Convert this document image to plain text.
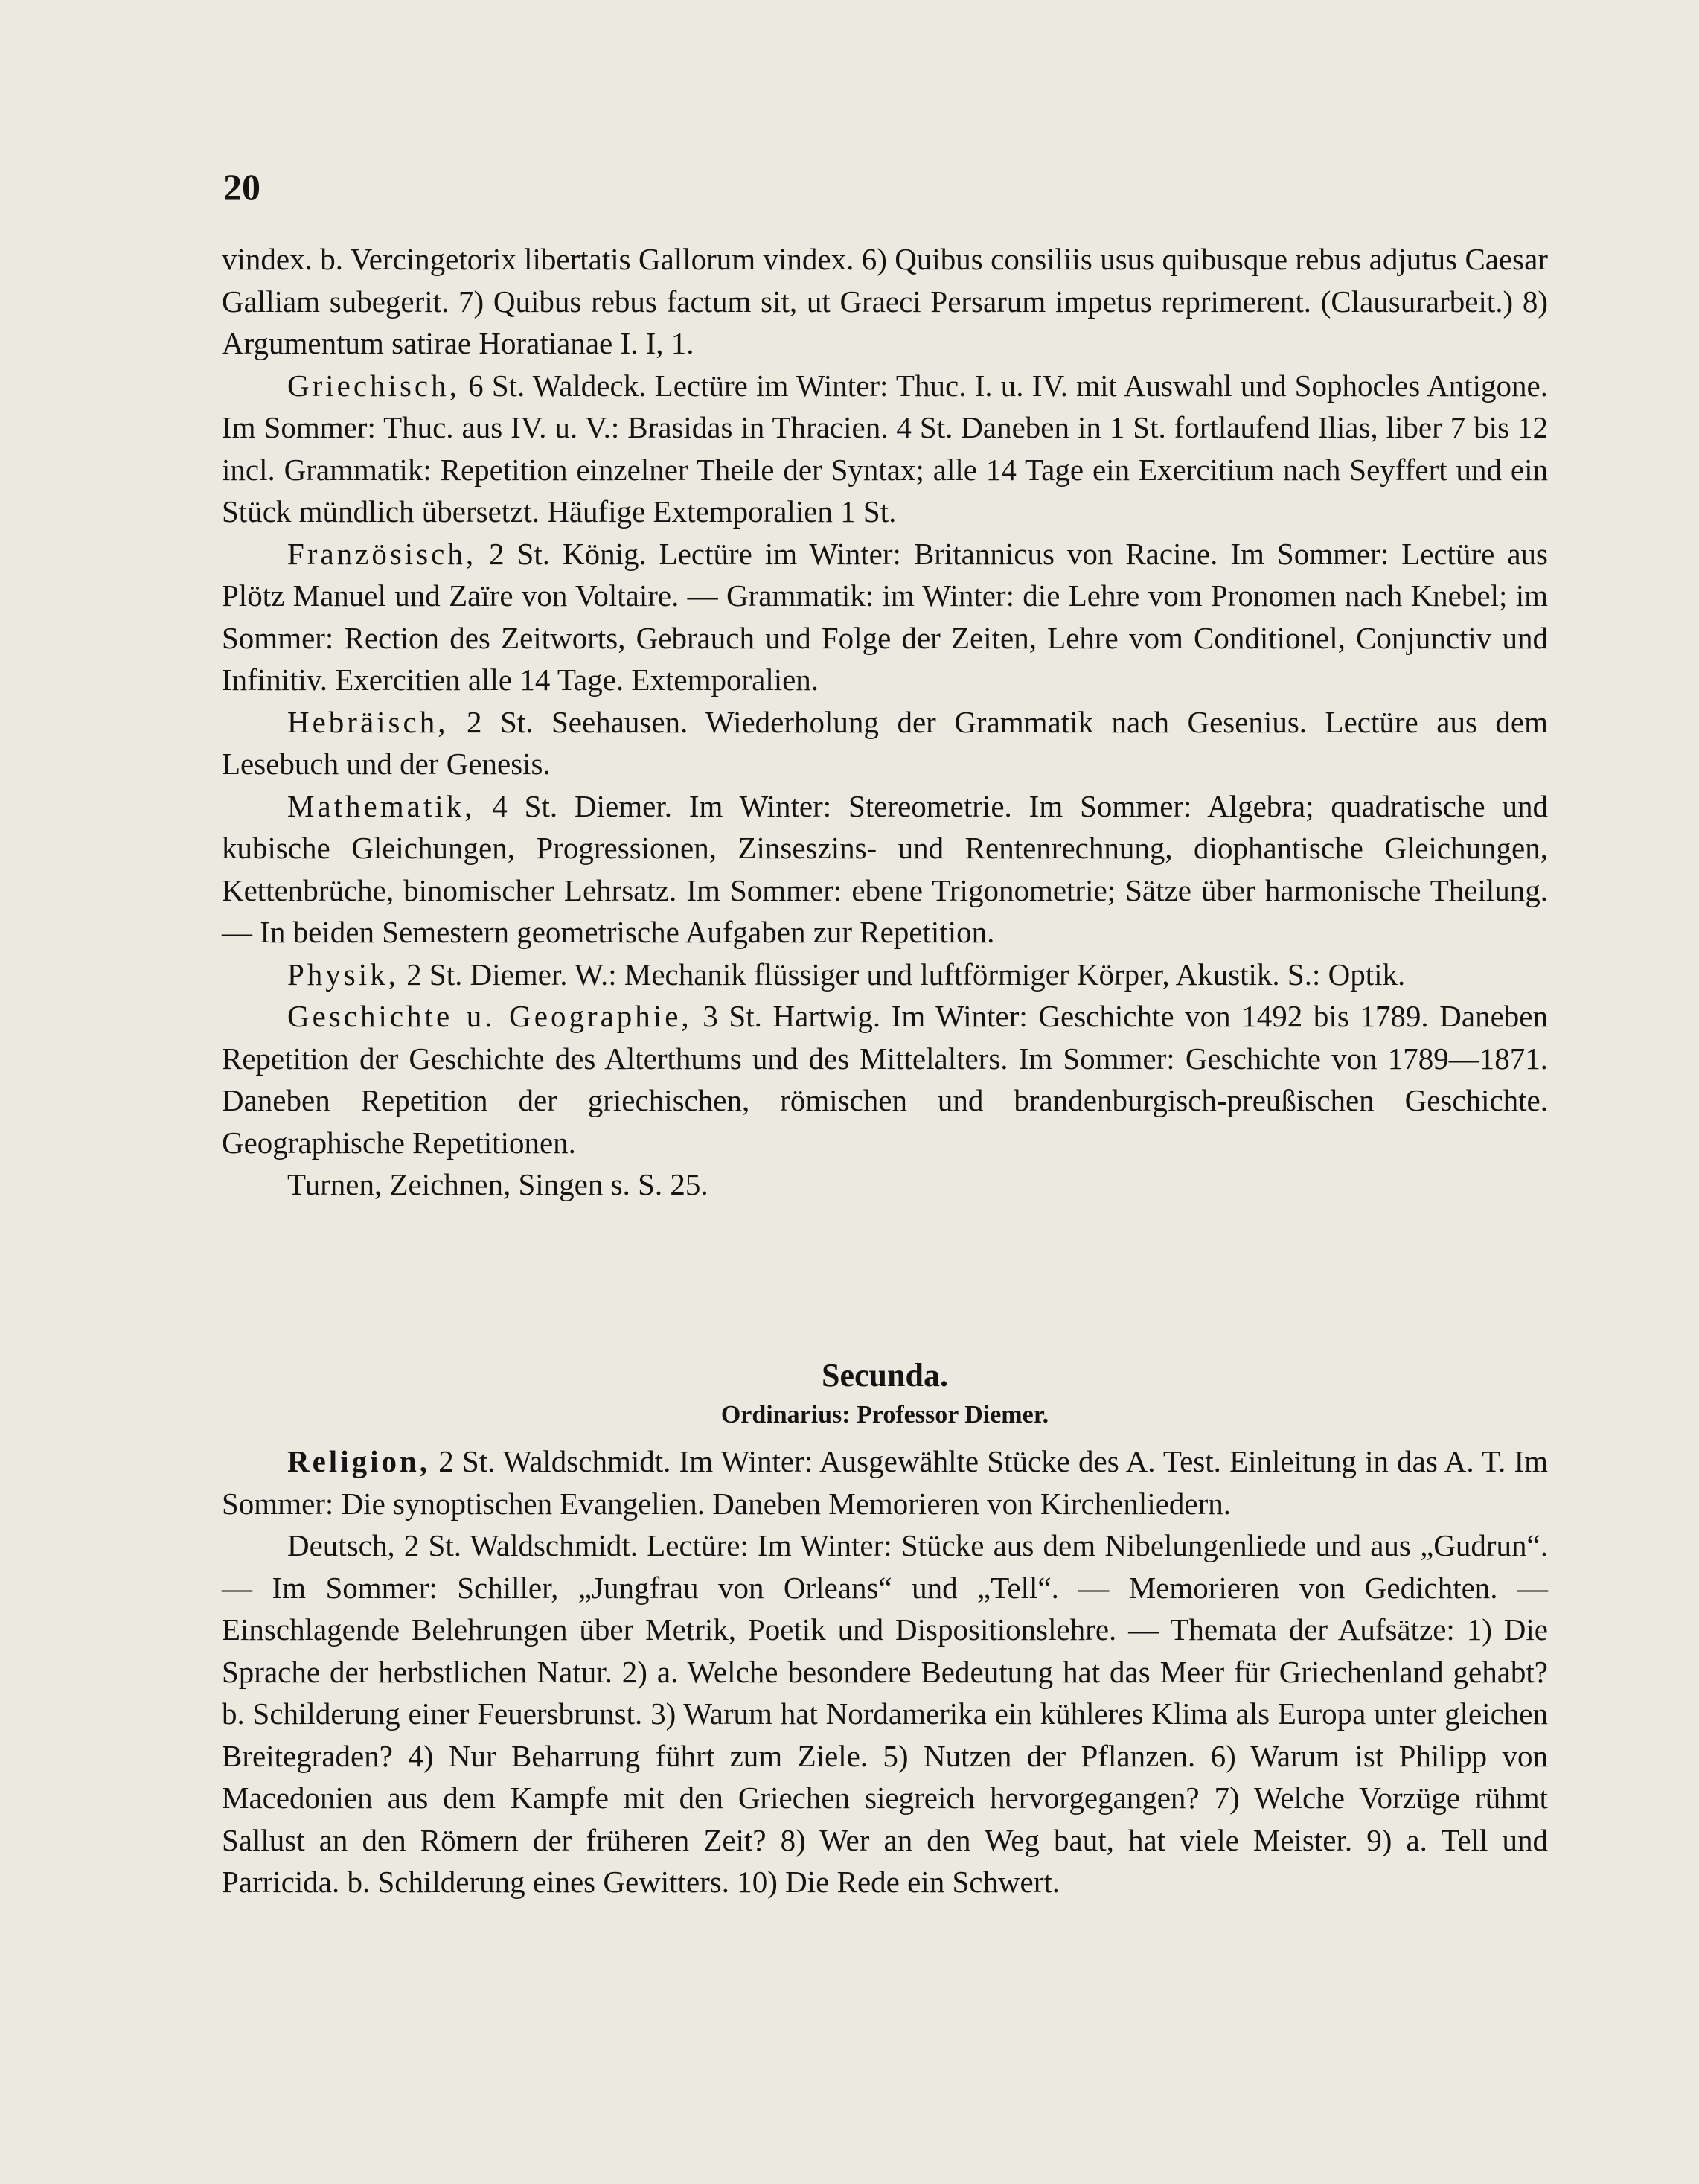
20

vindex. b. Vercingetorix libertatis Gallorum vindex. 6) Quibus consiliis usus quibusque rebus adjutus Caesar Galliam subegerit. 7) Quibus rebus factum sit, ut Graeci Persarum impetus reprimerent. (Clausurarbeit.) 8) Argumentum satirae Horatianae I. I, 1.

Griechisch, 6 St. Waldeck. Lectüre im Winter: Thuc. I. u. IV. mit Auswahl und Sophocles Antigone. Im Sommer: Thuc. aus IV. u. V.: Brasidas in Thracien. 4 St. Daneben in 1 St. fortlaufend Ilias, liber 7 bis 12 incl. Grammatik: Repetition einzelner Theile der Syntax; alle 14 Tage ein Exercitium nach Seyffert und ein Stück mündlich übersetzt. Häufige Extemporalien 1 St.

Französisch, 2 St. König. Lectüre im Winter: Britannicus von Racine. Im Sommer: Lectüre aus Plötz Manuel und Zaïre von Voltaire. — Grammatik: im Winter: die Lehre vom Pronomen nach Knebel; im Sommer: Rection des Zeitworts, Gebrauch und Folge der Zeiten, Lehre vom Conditionel, Conjunctiv und Infinitiv. Exercitien alle 14 Tage. Extemporalien.

Hebräisch, 2 St. Seehausen. Wiederholung der Grammatik nach Gesenius. Lectüre aus dem Lesebuch und der Genesis.

Mathematik, 4 St. Diemer. Im Winter: Stereometrie. Im Sommer: Algebra; quadratische und kubische Gleichungen, Progressionen, Zinseszins- und Rentenrechnung, diophantische Gleichungen, Kettenbrüche, binomischer Lehrsatz. Im Sommer: ebene Trigonometrie; Sätze über harmonische Theilung. — In beiden Semestern geometrische Aufgaben zur Repetition.

Physik, 2 St. Diemer. W.: Mechanik flüssiger und luftförmiger Körper, Akustik. S.: Optik.

Geschichte u. Geographie, 3 St. Hartwig. Im Winter: Geschichte von 1492 bis 1789. Daneben Repetition der Geschichte des Alterthums und des Mittelalters. Im Sommer: Geschichte von 1789—1871. Daneben Repetition der griechischen, römischen und brandenburgisch-preußischen Geschichte. Geographische Repetitionen.

Turnen, Zeichnen, Singen s. S. 25.

Secunda.
Ordinarius: Professor Diemer.

Religion, 2 St. Waldschmidt. Im Winter: Ausgewählte Stücke des A. Test. Einleitung in das A. T. Im Sommer: Die synoptischen Evangelien. Daneben Memorieren von Kirchenliedern.

Deutsch, 2 St. Waldschmidt. Lectüre: Im Winter: Stücke aus dem Nibelungenliede und aus „Gudrun“. — Im Sommer: Schiller, „Jungfrau von Orleans“ und „Tell“. — Memorieren von Gedichten. — Einschlagende Belehrungen über Metrik, Poetik und Dispositionslehre. — Themata der Aufsätze: 1) Die Sprache der herbstlichen Natur. 2) a. Welche besondere Bedeutung hat das Meer für Griechenland gehabt? b. Schilderung einer Feuersbrunst. 3) Warum hat Nordamerika ein kühleres Klima als Europa unter gleichen Breitegraden? 4) Nur Beharrung führt zum Ziele. 5) Nutzen der Pflanzen. 6) Warum ist Philipp von Macedonien aus dem Kampfe mit den Griechen siegreich hervorgegangen? 7) Welche Vorzüge rühmt Sallust an den Römern der früheren Zeit? 8) Wer an den Weg baut, hat viele Meister. 9) a. Tell und Parricida. b. Schilderung eines Gewitters. 10) Die Rede ein Schwert.
